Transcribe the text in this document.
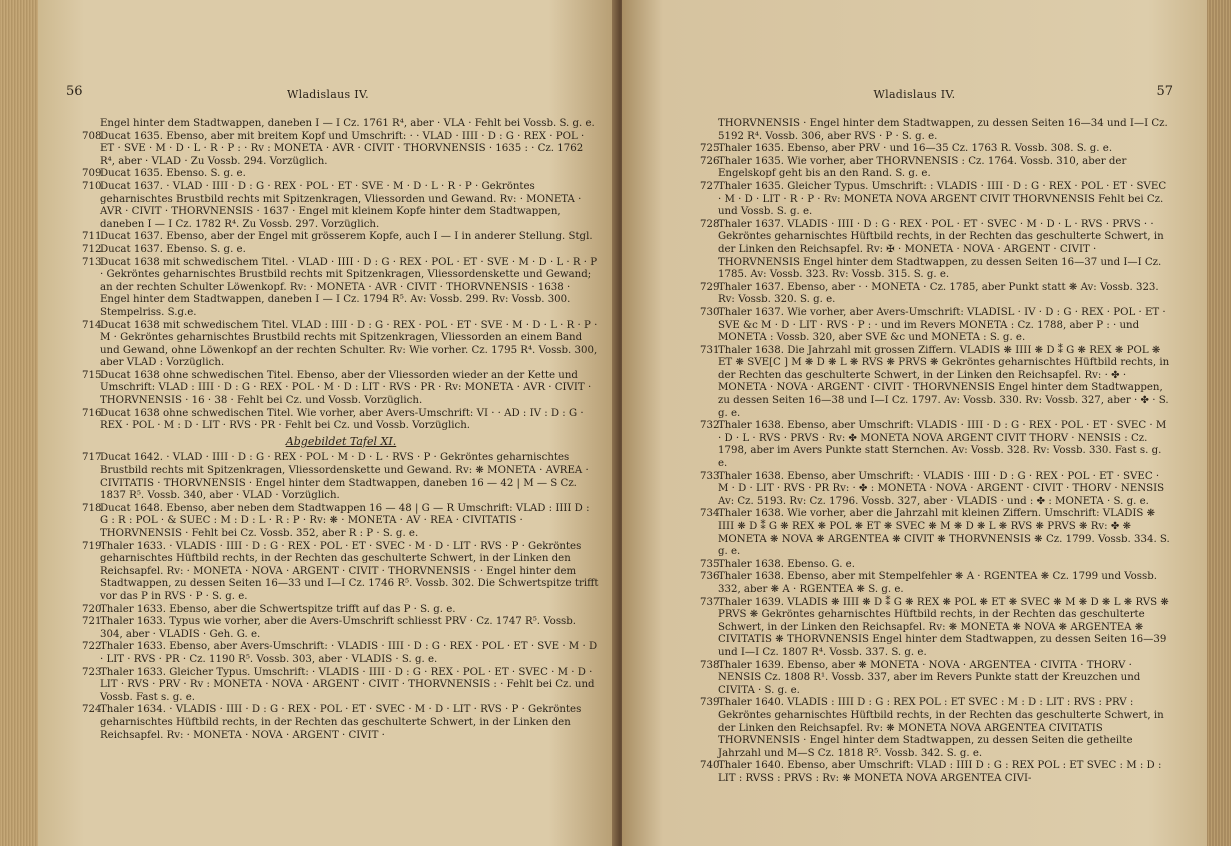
56	Wladislaus IV.

Engel hinter dem Stadtwappen, daneben I — I Cz. 1761 R⁴, aber · VLA · Fehlt bei Vossb. S. g. e.

708
Ducat 1635. Ebenso, aber mit breitem Kopf und Umschrift: · · VLAD · IIII · D : G · REX · POL · ET · SVE · M · D · L · R · P : · Rv : MONETA · AVR · CIVIT · THORVNENSIS · 1635 : · Cz. 1762 R⁴, aber · VLAD · Zu Vossb. 294. Vorzüglich.

709
Ducat 1635. Ebenso. S. g. e.

710
Ducat 1637. · VLAD · IIII · D : G · REX · POL · ET · SVE · M · D · L · R · P · Gekröntes geharnischtes Brustbild rechts mit Spitzenkragen, Vliessorden und Gewand. Rv: · MONETA · AVR · CIVIT · THORVNENSIS · 1637 · Engel mit kleinem Kopfe hinter dem Stadtwappen, daneben I — I Cz. 1782 R⁴. Zu Vossb. 297. Vorzüglich.

711
Ducat 1637. Ebenso, aber der Engel mit grösserem Kopfe, auch I — I in anderer Stellung. Stgl.

712
Ducat 1637. Ebenso. S. g. e.

713
Ducat 1638 mit schwedischem Titel. · VLAD · IIII · D : G · REX · POL · ET · SVE · M · D · L · R · P · Gekröntes geharnischtes Brustbild rechts mit Spitzenkragen, Vliessordenskette und Gewand; an der rechten Schulter Löwenkopf. Rv: · MONETA · AVR · CIVIT · THORVNENSIS · 1638 · Engel hinter dem Stadtwappen, daneben I — I Cz. 1794 R⁵. Av: Vossb. 299. Rv: Vossb. 300. Stempelriss. S.g.e.

714
Ducat 1638 mit schwedischem Titel. VLAD : IIII · D : G · REX · POL · ET · SVE · M · D · L · R · P · M · Gekröntes geharnischtes Brustbild rechts mit Spitzenkragen, Vliessorden an einem Band und Gewand, ohne Löwenkopf an der rechten Schulter. Rv: Wie vorher. Cz. 1795 R⁴. Vossb. 300, aber VLAD : Vorzüglich.

715
Ducat 1638 ohne schwedischen Titel. Ebenso, aber der Vliessorden wieder an der Kette und Umschrift: VLAD : IIII · D : G · REX · POL · M · D : LIT · RVS · PR · Rv: MONETA · AVR · CIVIT · THORVNENSIS · 16 · 38 · Fehlt bei Cz. und Vossb. Vorzüglich.

716
Ducat 1638 ohne schwedischen Titel. Wie vorher, aber Avers-Umschrift: VI · · AD : IV : D : G · REX · POL · M : D · LIT · RVS · PR · Fehlt bei Cz. und Vossb. Vorzüglich.

Abgebildet Tafel XI.

717
Ducat 1642. · VLAD · IIII · D : G · REX · POL · M · D · L · RVS · P · Gekröntes geharnischtes Brustbild rechts mit Spitzenkragen, Vliessordenskette und Gewand. Rv: ❋ MONETA · AVREA · CIVITATIS · THORVNENSIS · Engel hinter dem Stadtwappen, daneben 16 — 42 | M — S Cz. 1837 R⁵. Vossb. 340, aber · VLAD · Vorzüglich.

718
Ducat 1648. Ebenso, aber neben dem Stadtwappen 16 — 48 | G — R Umschrift: VLAD : IIII D : G : R : POL · & SUEC : M : D : L · R : P · Rv: ❋ · MONETA · AV · REA · CIVITATIS · THORVNENSIS · Fehlt bei Cz. Vossb. 352, aber R : P · S. g. e.

719
Thaler 1633. · VLADIS · IIII · D : G · REX · POL · ET · SVEC · M · D · LIT · RVS · P · Gekröntes geharnischtes Hüftbild rechts, in der Rechten das geschulterte Schwert, in der Linken den Reichsapfel. Rv: · MONETA · NOVA · ARGENT · CIVIT · THORVNENSIS · · Engel hinter dem Stadtwappen, zu dessen Seiten 16—33 und I—I Cz. 1746 R⁵. Vossb. 302. Die Schwertspitze trifft vor das P in RVS · P · S. g. e.

720
Thaler 1633. Ebenso, aber die Schwertspitze trifft auf das P · S. g. e.

721
Thaler 1633. Typus wie vorher, aber die Avers-Umschrift schliesst PRV · Cz. 1747 R⁵. Vossb. 304, aber · VLADIS · Geh. G. e.

722
Thaler 1633. Ebenso, aber Avers-Umschrift: · VLADIS · IIII · D : G · REX · POL · ET · SVE · M · D · LIT · RVS · PR · Cz. 1190 R⁵. Vossb. 303, aber · VLADIS · S. g. e.

723
Thaler 1633. Gleicher Typus. Umschrift: · VLADIS · IIII · D : G · REX · POL · ET · SVEC · M · D · LIT · RVS · PRV · Rv : MONETA · NOVA · ARGENT · CIVIT · THORVNENSIS : · Fehlt bei Cz. und Vossb. Fast s. g. e.

724
Thaler 1634. · VLADIS · IIII · D : G · REX · POL · ET · SVEC · M · D · LIT · RVS · P · Gekröntes geharnischtes Hüftbild rechts, in der Rechten das geschulterte Schwert, in der Linken den Reichsapfel. Rv: · MONETA · NOVA · ARGENT · CIVIT ·

Wladislaus IV.	57

THORVNENSIS · Engel hinter dem Stadtwappen, zu dessen Seiten 16—34 und I—I Cz. 5192 R⁴. Vossb. 306, aber RVS · P · S. g. e.

725
Thaler 1635. Ebenso, aber PRV · und 16—35 Cz. 1763 R. Vossb. 308. S. g. e.

726
Thaler 1635. Wie vorher, aber THORVNENSIS : Cz. 1764. Vossb. 310, aber der Engelskopf geht bis an den Rand. S. g. e.

727
Thaler 1635. Gleicher Typus. Umschrift: : VLADIS · IIII · D : G · REX · POL · ET · SVEC · M · D · LIT · R · P · Rv: MONETA NOVA ARGENT CIVIT THORVNENSIS Fehlt bei Cz. und Vossb. S. g. e.

728
Thaler 1637. VLADIS · IIII · D : G · REX · POL · ET · SVEC · M · D · L · RVS · PRVS · · Gekröntes geharnischtes Hüftbild rechts, in der Rechten das geschulterte Schwert, in der Linken den Reichsapfel. Rv: ✠ · MONETA · NOVA · ARGENT · CIVIT · THORVNENSIS Engel hinter dem Stadtwappen, zu dessen Seiten 16—37 und I—I Cz. 1785. Av: Vossb. 323. Rv: Vossb. 315. S. g. e.

729
Thaler 1637. Ebenso, aber · · MONETA · Cz. 1785, aber Punkt statt ❋ Av: Vossb. 323. Rv: Vossb. 320. S. g. e.

730
Thaler 1637. Wie vorher, aber Avers-Umschrift: VLADISL · IV · D : G · REX · POL · ET · SVE &c M · D · LIT · RVS · P : · und im Revers MONETA : Cz. 1788, aber P : · und MONETA : Vossb. 320, aber SVE &c und MONETA : S. g. e.

731
Thaler 1638. Die Jahrzahl mit grossen Ziffern. VLADIS ❋ IIII ❋ D ⁑ G ❋ REX ❋ POL ❋ ET ❋ SVE[C ] M ❋ D ❋ L ❋ RVS ❋ PRVS ❋ Gekröntes geharnischtes Hüftbild rechts, in der Rechten das geschulterte Schwert, in der Linken den Reichsapfel. Rv: · ✤ · MONETA · NOVA · ARGENT · CIVIT · THORVNENSIS Engel hinter dem Stadtwappen, zu dessen Seiten 16—38 und I—I Cz. 1797. Av: Vossb. 330. Rv: Vossb. 327, aber · ✤ · S. g. e.

732
Thaler 1638. Ebenso, aber Umschrift: VLADIS · IIII · D : G · REX · POL · ET · SVEC · M · D · L · RVS · PRVS · Rv: ✤ MONETA NOVA ARGENT CIVIT THORV · NENSIS : Cz. 1798, aber im Avers Punkte statt Sternchen. Av: Vossb. 328. Rv: Vossb. 330. Fast s. g. e.

733
Thaler 1638. Ebenso, aber Umschrift: · VLADIS · IIII · D : G · REX · POL · ET · SVEC · M · D · LIT · RVS · PR Rv: · ✤ : MONETA · NOVA · ARGENT · CIVIT · THORV · NENSIS Av: Cz. 5193. Rv: Cz. 1796. Vossb. 327, aber · VLADIS · und : ✤ : MONETA · S. g. e.

734
Thaler 1638. Wie vorher, aber die Jahrzahl mit kleinen Ziffern. Umschrift: VLADIS ❋ IIII ❋ D ⁑ G ❋ REX ❋ POL ❋ ET ❋ SVEC ❋ M ❋ D ❋ L ❋ RVS ❋ PRVS ❋ Rv: ✤ ❋ MONETA ❋ NOVA ❋ ARGENTEA ❋ CIVIT ❋ THORVNENSIS ❋ Cz. 1799. Vossb. 334. S. g. e.

735
Thaler 1638. Ebenso. G. e.

736
Thaler 1638. Ebenso, aber mit Stempelfehler ❋ A · RGENTEA ❋ Cz. 1799 und Vossb. 332, aber ❋ A · RGENTEA ❋ S. g. e.

737
Thaler 1639. VLADIS ❋ IIII ❋ D ⁑ G ❋ REX ❋ POL ❋ ET ❋ SVEC ❋ M ❋ D ❋ L ❋ RVS ❋ PRVS ❋ Gekröntes geharnischtes Hüftbild rechts, in der Rechten das geschulterte Schwert, in der Linken den Reichsapfel. Rv: ❋ MONETA ❋ NOVA ❋ ARGENTEA ❋ CIVITATIS ❋ THORVNENSIS Engel hinter dem Stadtwappen, zu dessen Seiten 16—39 und I—I Cz. 1807 R⁴. Vossb. 337. S. g. e.

738
Thaler 1639. Ebenso, aber ❋ MONETA · NOVA · ARGENTEA · CIVITA · THORV · NENSIS Cz. 1808 R¹. Vossb. 337, aber im Revers Punkte statt der Kreuzchen und CIVITA · S. g. e.

739
Thaler 1640. VLADIS : IIII D : G : REX POL : ET SVEC : M : D : LIT : RVS : PRV : Gekröntes geharnischtes Hüftbild rechts, in der Rechten das geschulterte Schwert, in der Linken den Reichsapfel. Rv: ❋ MONETA NOVA ARGENTEA CIVITATIS THORVNENSIS · Engel hinter dem Stadtwappen, zu dessen Seiten die getheilte Jahrzahl und M—S Cz. 1818 R⁵. Vossb. 342. S. g. e.

740
Thaler 1640. Ebenso, aber Umschrift: VLAD : IIII D : G : REX POL : ET SVEC : M : D : LIT : RVSS : PRVS : Rv: ❋ MONETA NOVA ARGENTEA CIVI-
